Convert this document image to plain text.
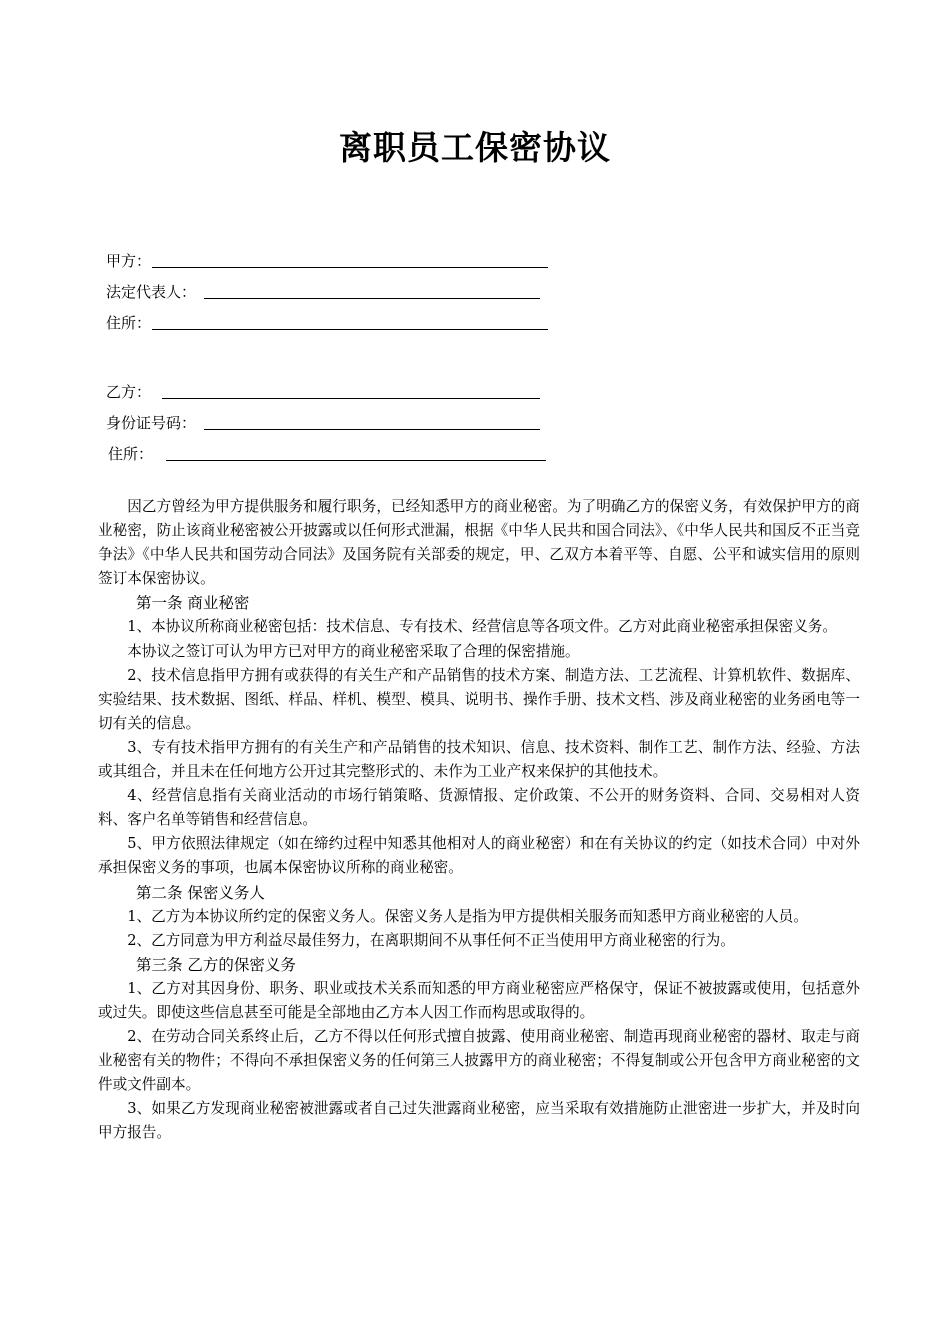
离职员工保密协议
甲方：
法定代表人：
住所：
乙方：
身份证号码：
住所：

因乙方曾经为甲方提供服务和履行职务，已经知悉甲方的商业秘密。为了明确乙方的保密义务，有效保护甲方的商业秘密，防止该商业秘密被公开披露或以任何形式泄漏，根据《中华人民共和国合同法》、《中华人民共和国反不正当竞争法》《中华人民共和国劳动合同法》及国务院有关部委的规定，甲、乙双方本着平等、自愿、公平和诚实信用的原则签订本保密协议。

第一条 商业秘密

1、本协议所称商业秘密包括：技术信息、专有技术、经营信息等各项文件。乙方对此商业秘密承担保密义务。

本协议之签订可认为甲方已对甲方的商业秘密采取了合理的保密措施。

2、技术信息指甲方拥有或获得的有关生产和产品销售的技术方案、制造方法、工艺流程、计算机软件、数据库、实验结果、技术数据、图纸、样品、样机、模型、模具、说明书、操作手册、技术文档、涉及商业秘密的业务函电等一切有关的信息。

3、专有技术指甲方拥有的有关生产和产品销售的技术知识、信息、技术资料、制作工艺、制作方法、经验、方法或其组合，并且未在任何地方公开过其完整形式的、未作为工业产权来保护的其他技术。

4、经营信息指有关商业活动的市场行销策略、货源情报、定价政策、不公开的财务资料、合同、交易相对人资料、客户名单等销售和经营信息。

5、甲方依照法律规定（如在缔约过程中知悉其他相对人的商业秘密）和在有关协议的约定（如技术合同）中对外承担保密义务的事项，也属本保密协议所称的商业秘密。

第二条 保密义务人

1、乙方为本协议所约定的保密义务人。保密义务人是指为甲方提供相关服务而知悉甲方商业秘密的人员。

2、乙方同意为甲方利益尽最佳努力，在离职期间不从事任何不正当使用甲方商业秘密的行为。

第三条 乙方的保密义务

1、乙方对其因身份、职务、职业或技术关系而知悉的甲方商业秘密应严格保守，保证不被披露或使用，包括意外或过失。即使这些信息甚至可能是全部地由乙方本人因工作而构思或取得的。

2、在劳动合同关系终止后，乙方不得以任何形式擅自披露、使用商业秘密、制造再现商业秘密的器材、取走与商业秘密有关的物件；不得向不承担保密义务的任何第三人披露甲方的商业秘密；不得复制或公开包含甲方商业秘密的文件或文件副本。

3、如果乙方发现商业秘密被泄露或者自己过失泄露商业秘密，应当采取有效措施防止泄密进一步扩大，并及时向甲方报告。
